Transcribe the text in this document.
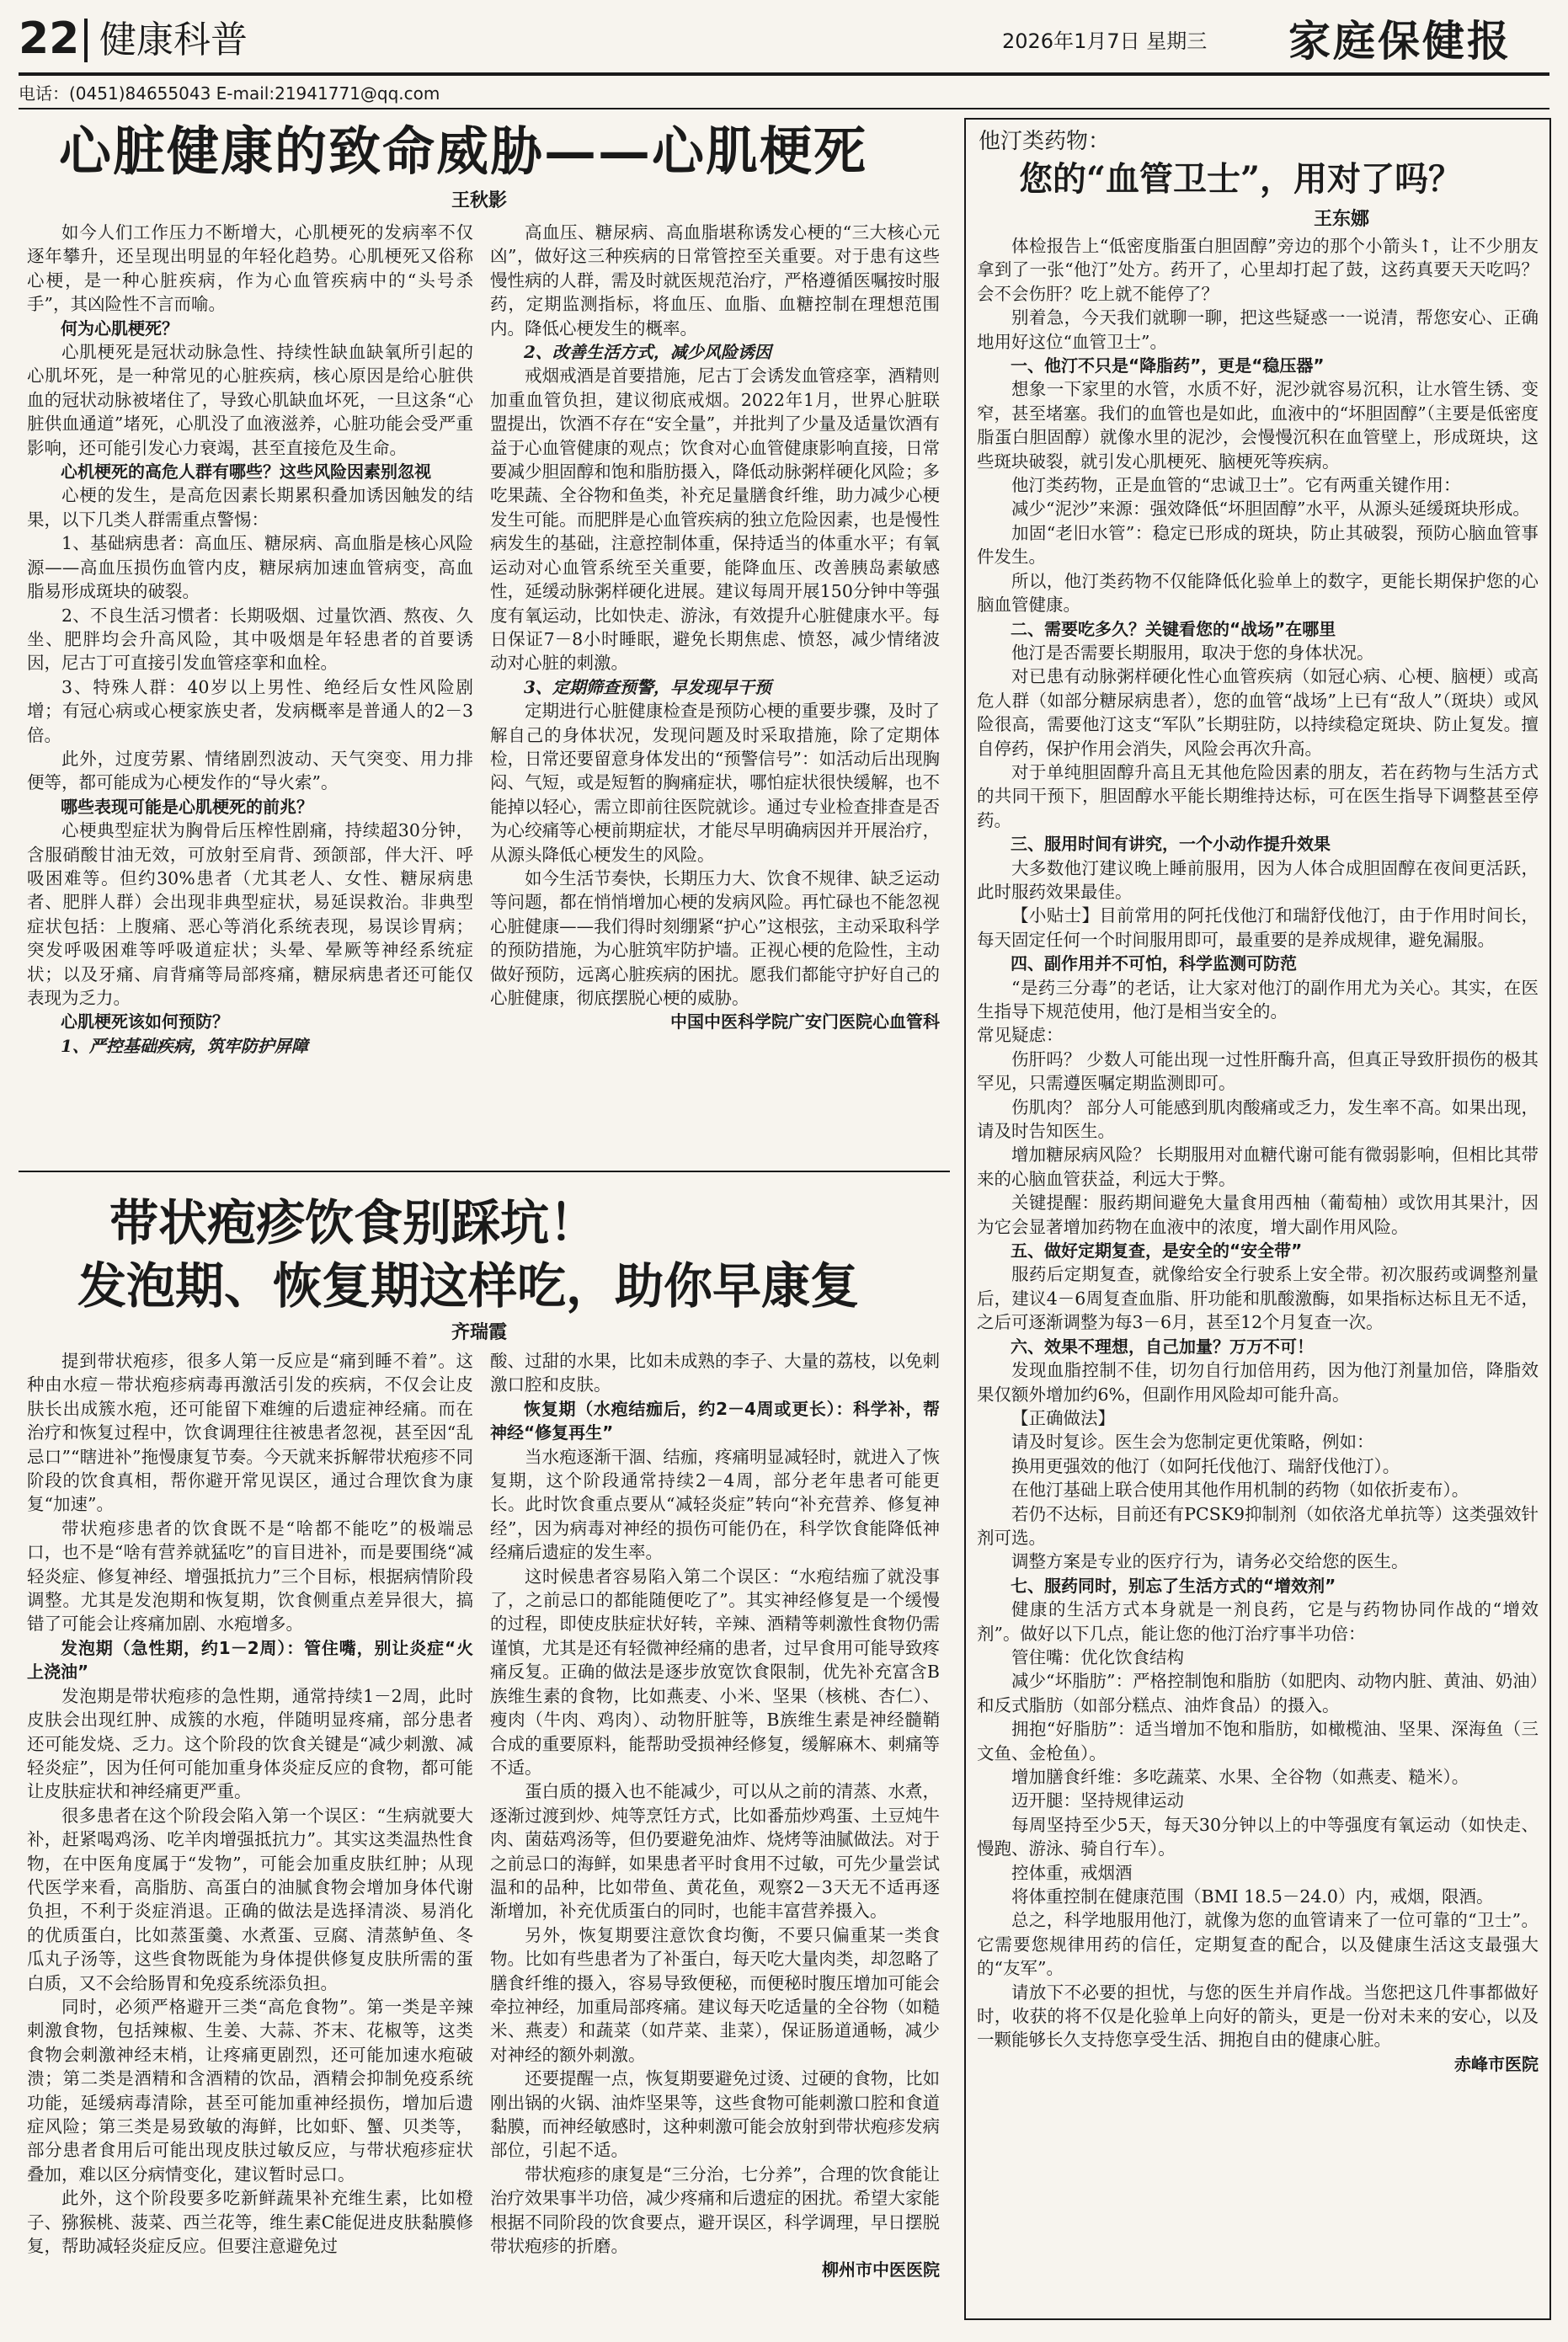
22 健康科普	2026年1月7日 星期三 家庭保健报
电话：(0451)84655043 E-mail:21941771@qq.com
心脏健康的致命威胁——心肌梗死
王秋影

如今人们工作压力不断增大，心肌梗死的发病率不仅逐年攀升，还呈现出明显的年轻化趋势。心肌梗死又俗称心梗，是一种心脏疾病，作为心血管疾病中的“头号杀手”，其凶险性不言而喻。

何为心肌梗死？

心肌梗死是冠状动脉急性、持续性缺血缺氧所引起的心肌坏死，是一种常见的心脏疾病，核心原因是给心脏供血的冠状动脉被堵住了，导致心肌缺血坏死，一旦这条“心脏供血通道”堵死，心肌没了血液滋养，心脏功能会受严重影响，还可能引发心力衰竭，甚至直接危及生命。

心机梗死的高危人群有哪些？这些风险因素别忽视

心梗的发生，是高危因素长期累积叠加诱因触发的结果，以下几类人群需重点警惕：

1、基础病患者：高血压、糖尿病、高血脂是核心风险源——高血压损伤血管内皮，糖尿病加速血管病变，高血脂易形成斑块的破裂。

2、不良生活习惯者：长期吸烟、过量饮酒、熬夜、久坐、肥胖均会升高风险，其中吸烟是年轻患者的首要诱因，尼古丁可直接引发血管痉挛和血栓。

3、特殊人群：40岁以上男性、绝经后女性风险剧增；有冠心病或心梗家族史者，发病概率是普通人的2－3倍。

此外，过度劳累、情绪剧烈波动、天气突变、用力排便等，都可能成为心梗发作的“导火索”。

哪些表现可能是心肌梗死的前兆？

心梗典型症状为胸骨后压榨性剧痛，持续超30分钟，含服硝酸甘油无效，可放射至肩背、颈颌部，伴大汗、呼吸困难等。但约30%患者（尤其老人、女性、糖尿病患者、肥胖人群）会出现非典型症状，易延误救治。非典型症状包括：上腹痛、恶心等消化系统表现，易误诊胃病；突发呼吸困难等呼吸道症状；头晕、晕厥等神经系统症状；以及牙痛、肩背痛等局部疼痛，糖尿病患者还可能仅表现为乏力。

心肌梗死该如何预防？
1、严控基础疾病，筑牢防护屏障

高血压、糖尿病、高血脂堪称诱发心梗的“三大核心元凶”，做好这三种疾病的日常管控至关重要。对于患有这些慢性病的人群，需及时就医规范治疗，严格遵循医嘱按时服药，定期监测指标，将血压、血脂、血糖控制在理想范围内。降低心梗发生的概率。

2、改善生活方式，减少风险诱因

戒烟戒酒是首要措施，尼古丁会诱发血管痉挛，酒精则加重血管负担，建议彻底戒烟。2022年1月，世界心脏联盟提出，饮酒不存在“安全量”，并批判了少量及适量饮酒有益于心血管健康的观点；饮食对心血管健康影响直接，日常要减少胆固醇和饱和脂肪摄入，降低动脉粥样硬化风险；多吃果蔬、全谷物和鱼类，补充足量膳食纤维，助力减少心梗发生可能。而肥胖是心血管疾病的独立危险因素，也是慢性病发生的基础，注意控制体重，保持适当的体重水平；有氧运动对心血管系统至关重要，能降血压、改善胰岛素敏感性，延缓动脉粥样硬化进展。建议每周开展150分钟中等强度有氧运动，比如快走、游泳，有效提升心脏健康水平。每日保证7－8小时睡眠，避免长期焦虑、愤怒，减少情绪波动对心脏的刺激。

3、定期筛查预警，早发现早干预

定期进行心脏健康检查是预防心梗的重要步骤，及时了解自己的身体状况，发现问题及时采取措施，除了定期体检，日常还要留意身体发出的“预警信号”：如活动后出现胸闷、气短，或是短暂的胸痛症状，哪怕症状很快缓解，也不能掉以轻心，需立即前往医院就诊。通过专业检查排查是否为心绞痛等心梗前期症状，才能尽早明确病因并开展治疗，从源头降低心梗发生的风险。

如今生活节奏快，长期压力大、饮食不规律、缺乏运动等问题，都在悄悄增加心梗的发病风险。再忙碌也不能忽视心脏健康——我们得时刻绷紧“护心”这根弦，主动采取科学的预防措施，为心脏筑牢防护墙。正视心梗的危险性，主动做好预防，远离心脏疾病的困扰。愿我们都能守护好自己的心脏健康，彻底摆脱心梗的威胁。

中国中医科学院广安门医院心血管科

带状疱疹饮食别踩坑！
发泡期、恢复期这样吃，助你早康复
齐瑞霞

提到带状疱疹，很多人第一反应是“痛到睡不着”。这种由水痘－带状疱疹病毒再激活引发的疾病，不仅会让皮肤长出成簇水疱，还可能留下难缠的后遗症神经痛。而在治疗和恢复过程中，饮食调理往往被患者忽视，甚至因“乱忌口”“瞎进补”拖慢康复节奏。今天就来拆解带状疱疹不同阶段的饮食真相，帮你避开常见误区，通过合理饮食为康复“加速”。

带状疱疹患者的饮食既不是“啥都不能吃”的极端忌口，也不是“啥有营养就猛吃”的盲目进补，而是要围绕“减轻炎症、修复神经、增强抵抗力”三个目标，根据病情阶段调整。尤其是发泡期和恢复期，饮食侧重点差异很大，搞错了可能会让疼痛加剧、水疱增多。

发泡期（急性期，约1－2周）：管住嘴，别让炎症“火上浇油”

发泡期是带状疱疹的急性期，通常持续1－2周，此时皮肤会出现红肿、成簇的水疱，伴随明显疼痛，部分患者还可能发烧、乏力。这个阶段的饮食关键是“减少刺激、减轻炎症”，因为任何可能加重身体炎症反应的食物，都可能让皮肤症状和神经痛更严重。

很多患者在这个阶段会陷入第一个误区：“生病就要大补，赶紧喝鸡汤、吃羊肉增强抵抗力”。其实这类温热性食物，在中医角度属于“发物”，可能会加重皮肤红肿；从现代医学来看，高脂肪、高蛋白的油腻食物会增加身体代谢负担，不利于炎症消退。正确的做法是选择清淡、易消化的优质蛋白，比如蒸蛋羹、水煮蛋、豆腐、清蒸鲈鱼、冬瓜丸子汤等，这些食物既能为身体提供修复皮肤所需的蛋白质，又不会给肠胃和免疫系统添负担。

同时，必须严格避开三类“高危食物”。第一类是辛辣刺激食物，包括辣椒、生姜、大蒜、芥末、花椒等，这类食物会刺激神经末梢，让疼痛更剧烈，还可能加速水疱破溃；第二类是酒精和含酒精的饮品，酒精会抑制免疫系统功能，延缓病毒清除，甚至可能加重神经损伤，增加后遗症风险；第三类是易致敏的海鲜，比如虾、蟹、贝类等，部分患者食用后可能出现皮肤过敏反应，与带状疱疹症状叠加，难以区分病情变化，建议暂时忌口。

此外，这个阶段要多吃新鲜蔬果补充维生素，比如橙子、猕猴桃、菠菜、西兰花等，维生素C能促进皮肤黏膜修复，帮助减轻炎症反应。但要注意避免过

酸、过甜的水果，比如未成熟的李子、大量的荔枝，以免刺激口腔和皮肤。

恢复期（水疱结痂后，约2－4周或更长）：科学补，帮神经“修复再生”

当水疱逐渐干涸、结痂，疼痛明显减轻时，就进入了恢复期，这个阶段通常持续2－4周，部分老年患者可能更长。此时饮食重点要从“减轻炎症”转向“补充营养、修复神经”，因为病毒对神经的损伤可能仍在，科学饮食能降低神经痛后遗症的发生率。

这时候患者容易陷入第二个误区：“水疱结痂了就没事了，之前忌口的都能随便吃了”。其实神经修复是一个缓慢的过程，即使皮肤症状好转，辛辣、酒精等刺激性食物仍需谨慎，尤其是还有轻微神经痛的患者，过早食用可能导致疼痛反复。正确的做法是逐步放宽饮食限制，优先补充富含B族维生素的食物，比如燕麦、小米、坚果（核桃、杏仁）、瘦肉（牛肉、鸡肉）、动物肝脏等，B族维生素是神经髓鞘合成的重要原料，能帮助受损神经修复，缓解麻木、刺痛等不适。

蛋白质的摄入也不能减少，可以从之前的清蒸、水煮，逐渐过渡到炒、炖等烹饪方式，比如番茄炒鸡蛋、土豆炖牛肉、菌菇鸡汤等，但仍要避免油炸、烧烤等油腻做法。对于之前忌口的海鲜，如果患者平时食用不过敏，可先少量尝试温和的品种，比如带鱼、黄花鱼，观察2－3天无不适再逐渐增加，补充优质蛋白的同时，也能丰富营养摄入。

另外，恢复期要注意饮食均衡，不要只偏重某一类食物。比如有些患者为了补蛋白，每天吃大量肉类，却忽略了膳食纤维的摄入，容易导致便秘，而便秘时腹压增加可能会牵拉神经，加重局部疼痛。建议每天吃适量的全谷物（如糙米、燕麦）和蔬菜（如芹菜、韭菜），保证肠道通畅，减少对神经的额外刺激。

还要提醒一点，恢复期要避免过烫、过硬的食物，比如刚出锅的火锅、油炸坚果等，这些食物可能刺激口腔和食道黏膜，而神经敏感时，这种刺激可能会放射到带状疱疹发病部位，引起不适。

带状疱疹的康复是“三分治，七分养”，合理的饮食能让治疗效果事半功倍，减少疼痛和后遗症的困扰。希望大家能根据不同阶段的饮食要点，避开误区，科学调理，早日摆脱带状疱疹的折磨。

柳州市中医医院

他汀类药物：
您的“血管卫士”，用对了吗？
王东娜

体检报告上“低密度脂蛋白胆固醇”旁边的那个小箭头↑，让不少朋友拿到了一张“他汀”处方。药开了，心里却打起了鼓，这药真要天天吃吗？会不会伤肝？吃上就不能停了？

别着急，今天我们就聊一聊，把这些疑惑一一说清，帮您安心、正确地用好这位“血管卫士”。

一、他汀不只是“降脂药”，更是“稳压器”

想象一下家里的水管，水质不好，泥沙就容易沉积，让水管生锈、变窄，甚至堵塞。我们的血管也是如此，血液中的“坏胆固醇”（主要是低密度脂蛋白胆固醇）就像水里的泥沙，会慢慢沉积在血管壁上，形成斑块，这些斑块破裂，就引发心肌梗死、脑梗死等疾病。

他汀类药物，正是血管的“忠诚卫士”。它有两重关键作用：

减少“泥沙”来源：强效降低“坏胆固醇”水平，从源头延缓斑块形成。

加固“老旧水管”：稳定已形成的斑块，防止其破裂，预防心脑血管事件发生。

所以，他汀类药物不仅能降低化验单上的数字，更能长期保护您的心脑血管健康。

二、需要吃多久？关键看您的“战场”在哪里

他汀是否需要长期服用，取决于您的身体状况。

对已患有动脉粥样硬化性心血管疾病（如冠心病、心梗、脑梗）或高危人群（如部分糖尿病患者），您的血管“战场”上已有“敌人”（斑块）或风险很高，需要他汀这支“军队”长期驻防，以持续稳定斑块、防止复发。擅自停药，保护作用会消失，风险会再次升高。

对于单纯胆固醇升高且无其他危险因素的朋友，若在药物与生活方式的共同干预下，胆固醇水平能长期维持达标，可在医生指导下调整甚至停药。

三、服用时间有讲究，一个小动作提升效果

大多数他汀建议晚上睡前服用，因为人体合成胆固醇在夜间更活跃，此时服药效果最佳。

【小贴士】目前常用的阿托伐他汀和瑞舒伐他汀，由于作用时间长，每天固定任何一个时间服用即可，最重要的是养成规律，避免漏服。

四、副作用并不可怕，科学监测可防范

“是药三分毒”的老话，让大家对他汀的副作用尤为关心。其实，在医生指导下规范使用，他汀是相当安全的。

常见疑虑：

伤肝吗？ 少数人可能出现一过性肝酶升高，但真正导致肝损伤的极其罕见，只需遵医嘱定期监测即可。

伤肌肉？ 部分人可能感到肌肉酸痛或乏力，发生率不高。如果出现，请及时告知医生。

增加糖尿病风险？ 长期服用对血糖代谢可能有微弱影响，但相比其带来的心脑血管获益，利远大于弊。

关键提醒：服药期间避免大量食用西柚（葡萄柚）或饮用其果汁，因为它会显著增加药物在血液中的浓度，增大副作用风险。

五、做好定期复查，是安全的“安全带”

服药后定期复查，就像给安全行驶系上安全带。初次服药或调整剂量后，建议4－6周复查血脂、肝功能和肌酸激酶，如果指标达标且无不适，之后可逐渐调整为每3－6月，甚至12个月复查一次。

六、效果不理想，自己加量？万万不可！

发现血脂控制不佳，切勿自行加倍用药，因为他汀剂量加倍，降脂效果仅额外增加约6%，但副作用风险却可能升高。

【正确做法】

请及时复诊。医生会为您制定更优策略，例如：

换用更强效的他汀（如阿托伐他汀、瑞舒伐他汀）。

在他汀基础上联合使用其他作用机制的药物（如依折麦布）。

若仍不达标，目前还有PCSK9抑制剂（如依洛尤单抗等）这类强效针剂可选。

调整方案是专业的医疗行为，请务必交给您的医生。

七、服药同时，别忘了生活方式的“增效剂”

健康的生活方式本身就是一剂良药，它是与药物协同作战的“增效剂”。做好以下几点，能让您的他汀治疗事半功倍：

管住嘴：优化饮食结构

减少“坏脂肪”：严格控制饱和脂肪（如肥肉、动物内脏、黄油、奶油）和反式脂肪（如部分糕点、油炸食品）的摄入。

拥抱“好脂肪”：适当增加不饱和脂肪，如橄榄油、坚果、深海鱼（三文鱼、金枪鱼）。

增加膳食纤维：多吃蔬菜、水果、全谷物（如燕麦、糙米）。

迈开腿：坚持规律运动

每周坚持至少5天，每天30分钟以上的中等强度有氧运动（如快走、慢跑、游泳、骑自行车）。

控体重，戒烟酒

将体重控制在健康范围（BMI 18.5－24.0）内，戒烟，限酒。

总之，科学地服用他汀，就像为您的血管请来了一位可靠的“卫士”。它需要您规律用药的信任，定期复查的配合，以及健康生活这支最强大的“友军”。

请放下不必要的担忧，与您的医生并肩作战。当您把这几件事都做好时，收获的将不仅是化验单上向好的箭头，更是一份对未来的安心，以及一颗能够长久支持您享受生活、拥抱自由的健康心脏。

赤峰市医院
